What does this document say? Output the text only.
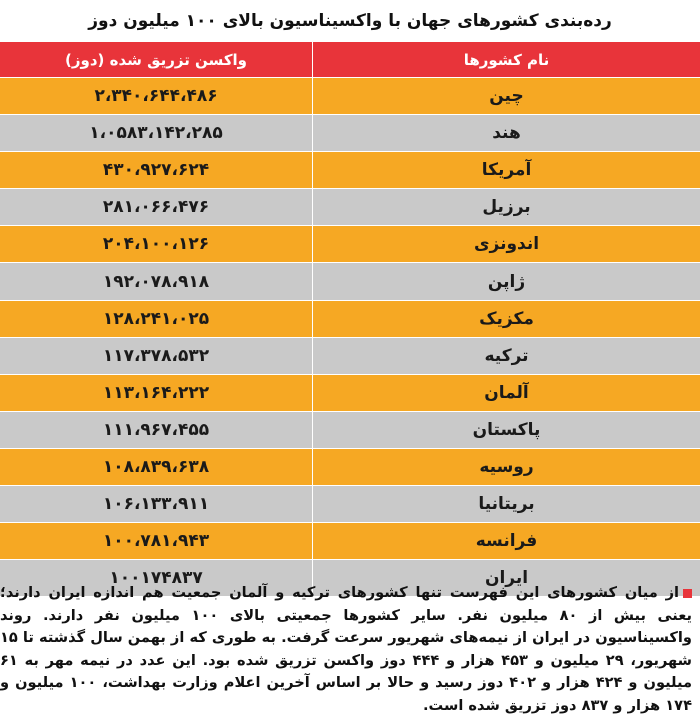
رده‌بندی کشورهای جهان با واکسیناسیون بالای ۱۰۰ میلیون دوز
نام کشورها
واکسن تزریق شده (دوز)
چین
۲،۳۴۰،۶۴۴،۴۸۶
هند
۱،۰۵۸۳،۱۴۲،۲۸۵
آمریکا
۴۳۰،۹۲۷،۶۲۴
برزیل
۲۸۱،۰۶۶،۴۷۶
اندونزی
۲۰۴،۱۰۰،۱۲۶
ژاپن
۱۹۲،۰۷۸،۹۱۸
مکزیک
۱۲۸،۲۴۱،۰۲۵
ترکیه
۱۱۷،۳۷۸،۵۳۲
آلمان
۱۱۳،۱۶۴،۲۲۲
پاکستان
۱۱۱،۹۶۷،۴۵۵
روسیه
۱۰۸،۸۳۹،۶۳۸
بریتانیا
۱۰۶،۱۳۳،۹۱۱
فرانسه
۱۰۰،۷۸۱،۹۴۳
ایران
۱۰۰۱۷۴۸۳۷
از میان کشورهای این فهرست تنها کشورهای ترکیه و آلمان جمعیت هم اندازه ایران دارند؛ یعنی بیش از ۸۰ میلیون نفر. سایر کشورها جمعیتی بالای ۱۰۰ میلیون نفر دارند. روند واکسیناسیون در ایران از نیمه‌های شهریور سرعت گرفت. به طوری که از بهمن سال گذشته تا ۱۵ شهریور، ۲۹ میلیون و ۴۵۳ هزار و ۴۴۴ دوز واکسن تزریق شده بود. این عدد در نیمه مهر به ۶۱ میلیون و ۴۲۴ هزار و ۴۰۲ دوز رسید و حالا بر اساس آخرین اعلام وزارت بهداشت، ۱۰۰ میلیون و ۱۷۴ هزار و ۸۳۷ دوز تزریق شده است.
